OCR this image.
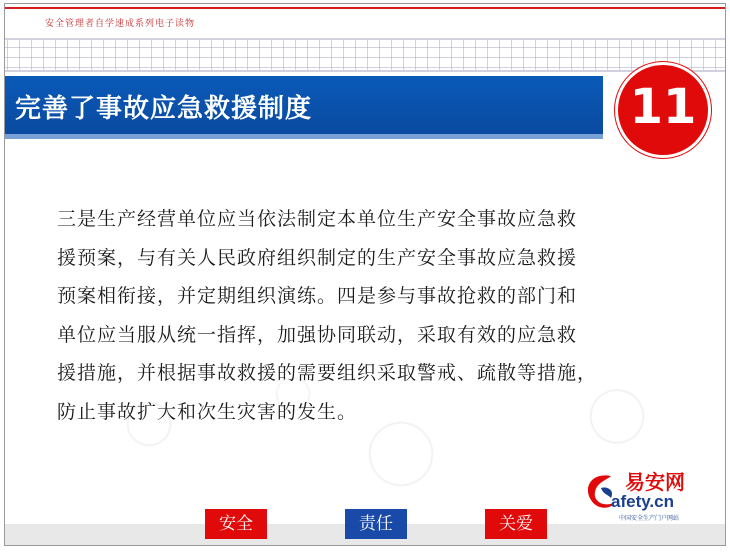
安全管理者自学速成系列电子读物
完善了事故应急救援制度	11
三是生产经营单位应当依法制定本单位生产安全事故应急救
援预案，与有关人民政府组织制定的生产安全事故应急救援
预案相衔接，并定期组织演练。四是参与事故抢救的部门和
单位应当服从统一指挥，加强协同联动，采取有效的应急救
援措施，并根据事故救援的需要组织采取警戒、疏散等措施，
防止事故扩大和次生灾害的发生。
易安网
afety.cn
中国安全生产门户网站
安全	责任	关爱
